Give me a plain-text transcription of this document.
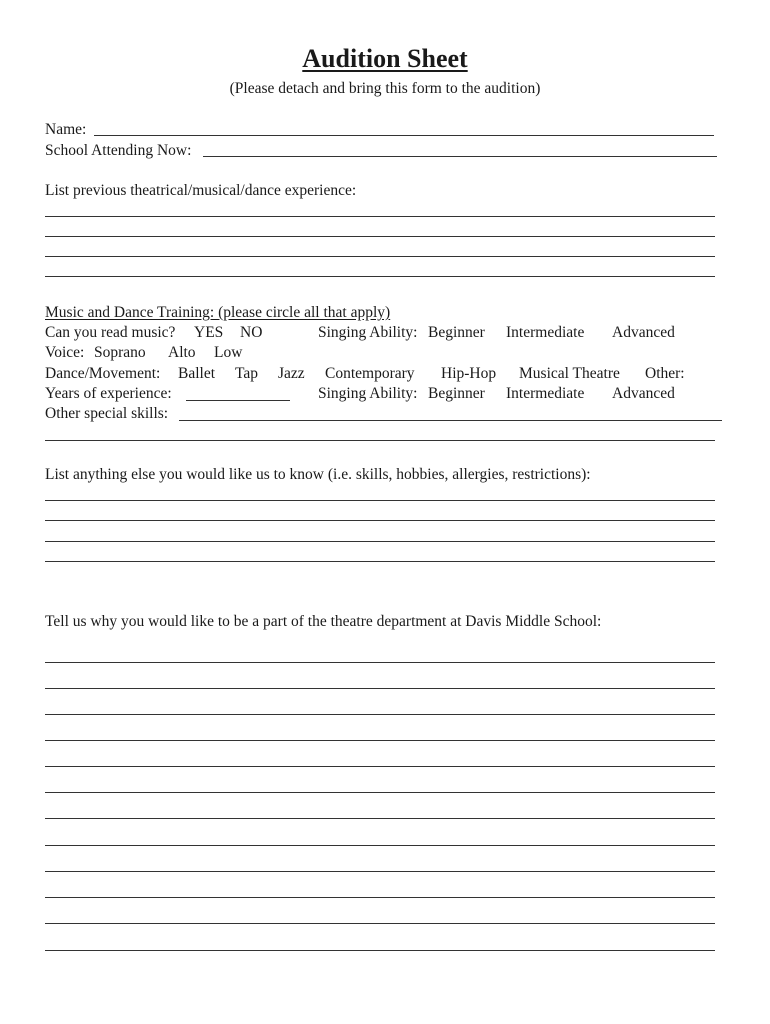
Audition Sheet
(Please detach and bring this form to the audition)
Name:
School Attending Now:
List previous theatrical/musical/dance experience:
Music and Dance Training: (please circle all that apply)
Can you read music? YES NO	Singing Ability: Beginner Intermediate Advanced
Voice: Soprano Alto Low
Dance/Movement: Ballet Tap Jazz Contemporary Hip-Hop Musical Theatre Other:
Years of experience:	Singing Ability: Beginner Intermediate Advanced
Other special skills:
List anything else you would like us to know (i.e. skills, hobbies, allergies, restrictions):
Tell us why you would like to be a part of the theatre department at Davis Middle School:
